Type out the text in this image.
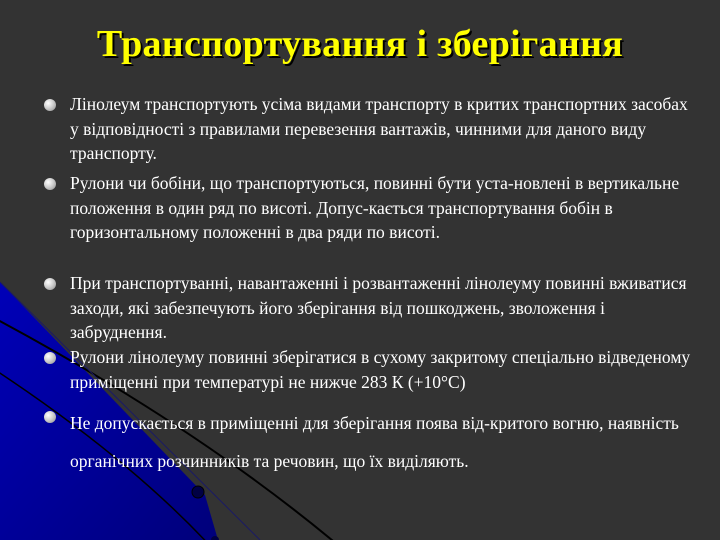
Транспортування і зберігання
Лінолеум транспортують усіма видами транспорту в критих транспортних засобах у відповідності з правилами перевезення вантажів, чинними для даного виду транспорту.
Рулони чи бобіни, що транспортуються, повинні бути уста-новлені в вертикальне положення в один ряд по висоті. Допус-кається транспортування бобін в горизонтальному положенні в два ряди по висоті.
При транспортуванні, навантаженні і розвантаженні лінолеуму повинні вживатися заходи, які забезпечують його зберігання від пошкоджень, зволоження і забруднення.
Рулони лінолеуму повинні зберігатися в сухому закритому спеціально відведеному приміщенні при температурі не нижче 283 К (+10°С)
Не допускається в приміщенні для зберігання поява від-критого вогню, наявність органічних розчинників та речовин, що їх виділяють.
